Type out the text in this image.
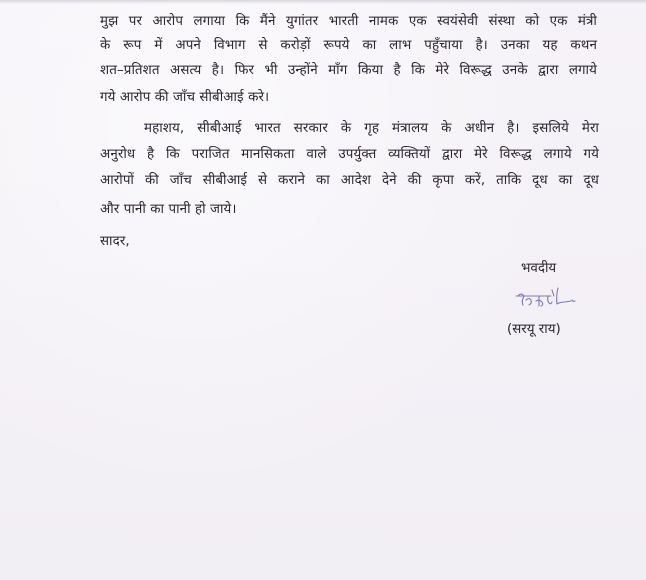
मुझ पर आरोप लगाया कि मैंने युगांतर भारती नामक एक स्वयंसेवी संस्था को एक मंत्री
के रूप में अपने विभाग से करोड़ों रूपये का लाभ पहुँचाया है। उनका यह कथन
शत–प्रतिशत असत्य है। फिर भी उन्होंने माँग किया है कि मेरे विरूद्ध उनके द्वारा लगाये
गये आरोप की जाँच सीबीआई करे।
महाशय, सीबीआई भारत सरकार के गृह मंत्रालय के अधीन है। इसलिये मेरा
अनुरोध है कि पराजित मानसिकता वाले उपर्युक्त व्यक्तियों द्वारा मेरे विरूद्ध लगाये गये
आरोपों की जाँच सीबीआई से कराने का आदेश देने की कृपा करें, ताकि दूध का दूध
और पानी का पानी हो जाये।
सादर,
भवदीय
(सरयू राय)
